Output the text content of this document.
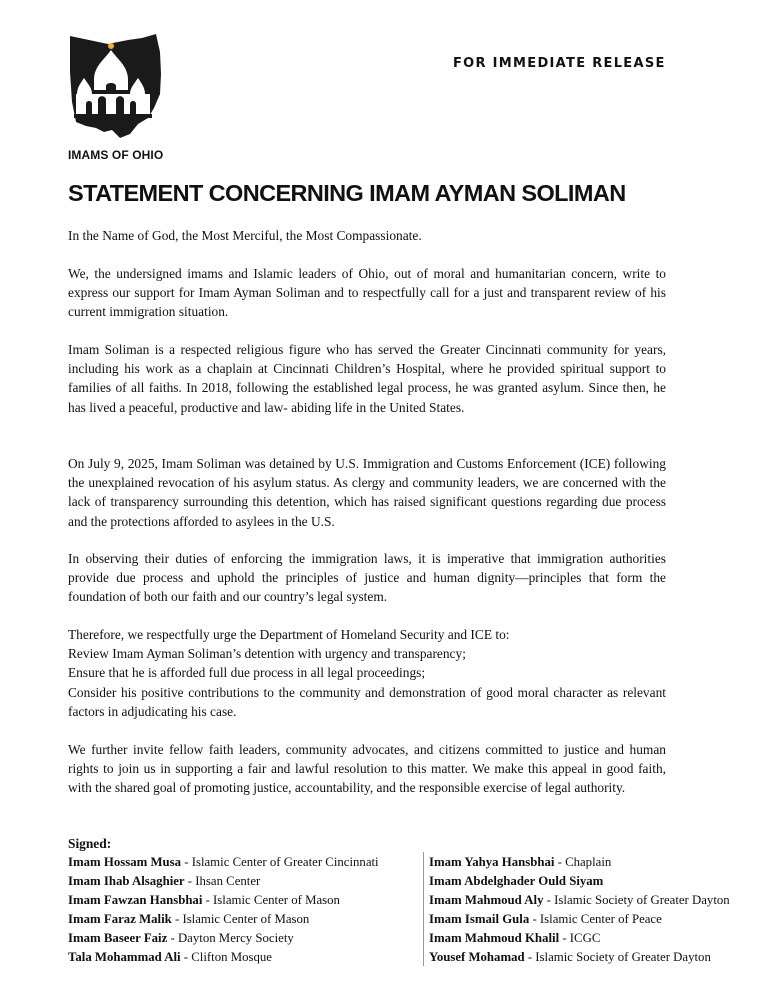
IMAMS OF OHIO
FOR IMMEDIATE RELEASE
STATEMENT CONCERNING IMAM AYMAN SOLIMAN

In the Name of God, the Most Merciful, the Most Compassionate.

We, the undersigned imams and Islamic leaders of Ohio, out of moral and humanitarian concern, write to express our support for Imam Ayman Soliman and to respectfully call for a just and transparent review of his current immigration situation.

Imam Soliman is a respected religious figure who has served the Greater Cincinnati community for years, including his work as a chaplain at Cincinnati Children’s Hospital, where he provided spiritual support to families of all faiths. In 2018, following the established legal process, he was granted asylum. Since then, he has lived a peaceful, productive and law- abiding life in the United States.

On July 9, 2025, Imam Soliman was detained by U.S. Immigration and Customs Enforcement (ICE) following the unexplained revocation of his asylum status. As clergy and community leaders, we are concerned with the lack of transparency surrounding this detention, which has raised significant questions regarding due process and the protections afforded to asylees in the U.S.

In observing their duties of enforcing the immigration laws, it is imperative that immigration authorities provide due process and uphold the principles of justice and human dignity—principles that form the foundation of both our faith and our country’s legal system.

Therefore, we respectfully urge the Department of Homeland Security and ICE to:
Review Imam Ayman Soliman’s detention with urgency and transparency;
Ensure that he is afforded full due process in all legal proceedings;

Consider his positive contributions to the community and demonstration of good moral character as relevant factors in adjudicating his case.

We further invite fellow faith leaders, community advocates, and citizens committed to justice and human rights to join us in supporting a fair and lawful resolution to this matter. We make this appeal in good faith, with the shared goal of promoting justice, accountability, and the responsible exercise of legal authority.

Signed:
Imam Hossam Musa - Islamic Center of Greater Cincinnati
Imam Ihab Alsaghier - Ihsan Center
Imam Fawzan Hansbhai - Islamic Center of Mason
Imam Faraz Malik - Islamic Center of Mason
Imam Baseer Faiz - Dayton Mercy Society
Tala Mohammad Ali - Clifton Mosque
Imam Yahya Hansbhai - Chaplain
Imam Abdelghader Ould Siyam
Imam Mahmoud Aly - Islamic Society of Greater Dayton
Imam Ismail Gula - Islamic Center of Peace
Imam Mahmoud Khalil - ICGC
Yousef Mohamad - Islamic Society of Greater Dayton
